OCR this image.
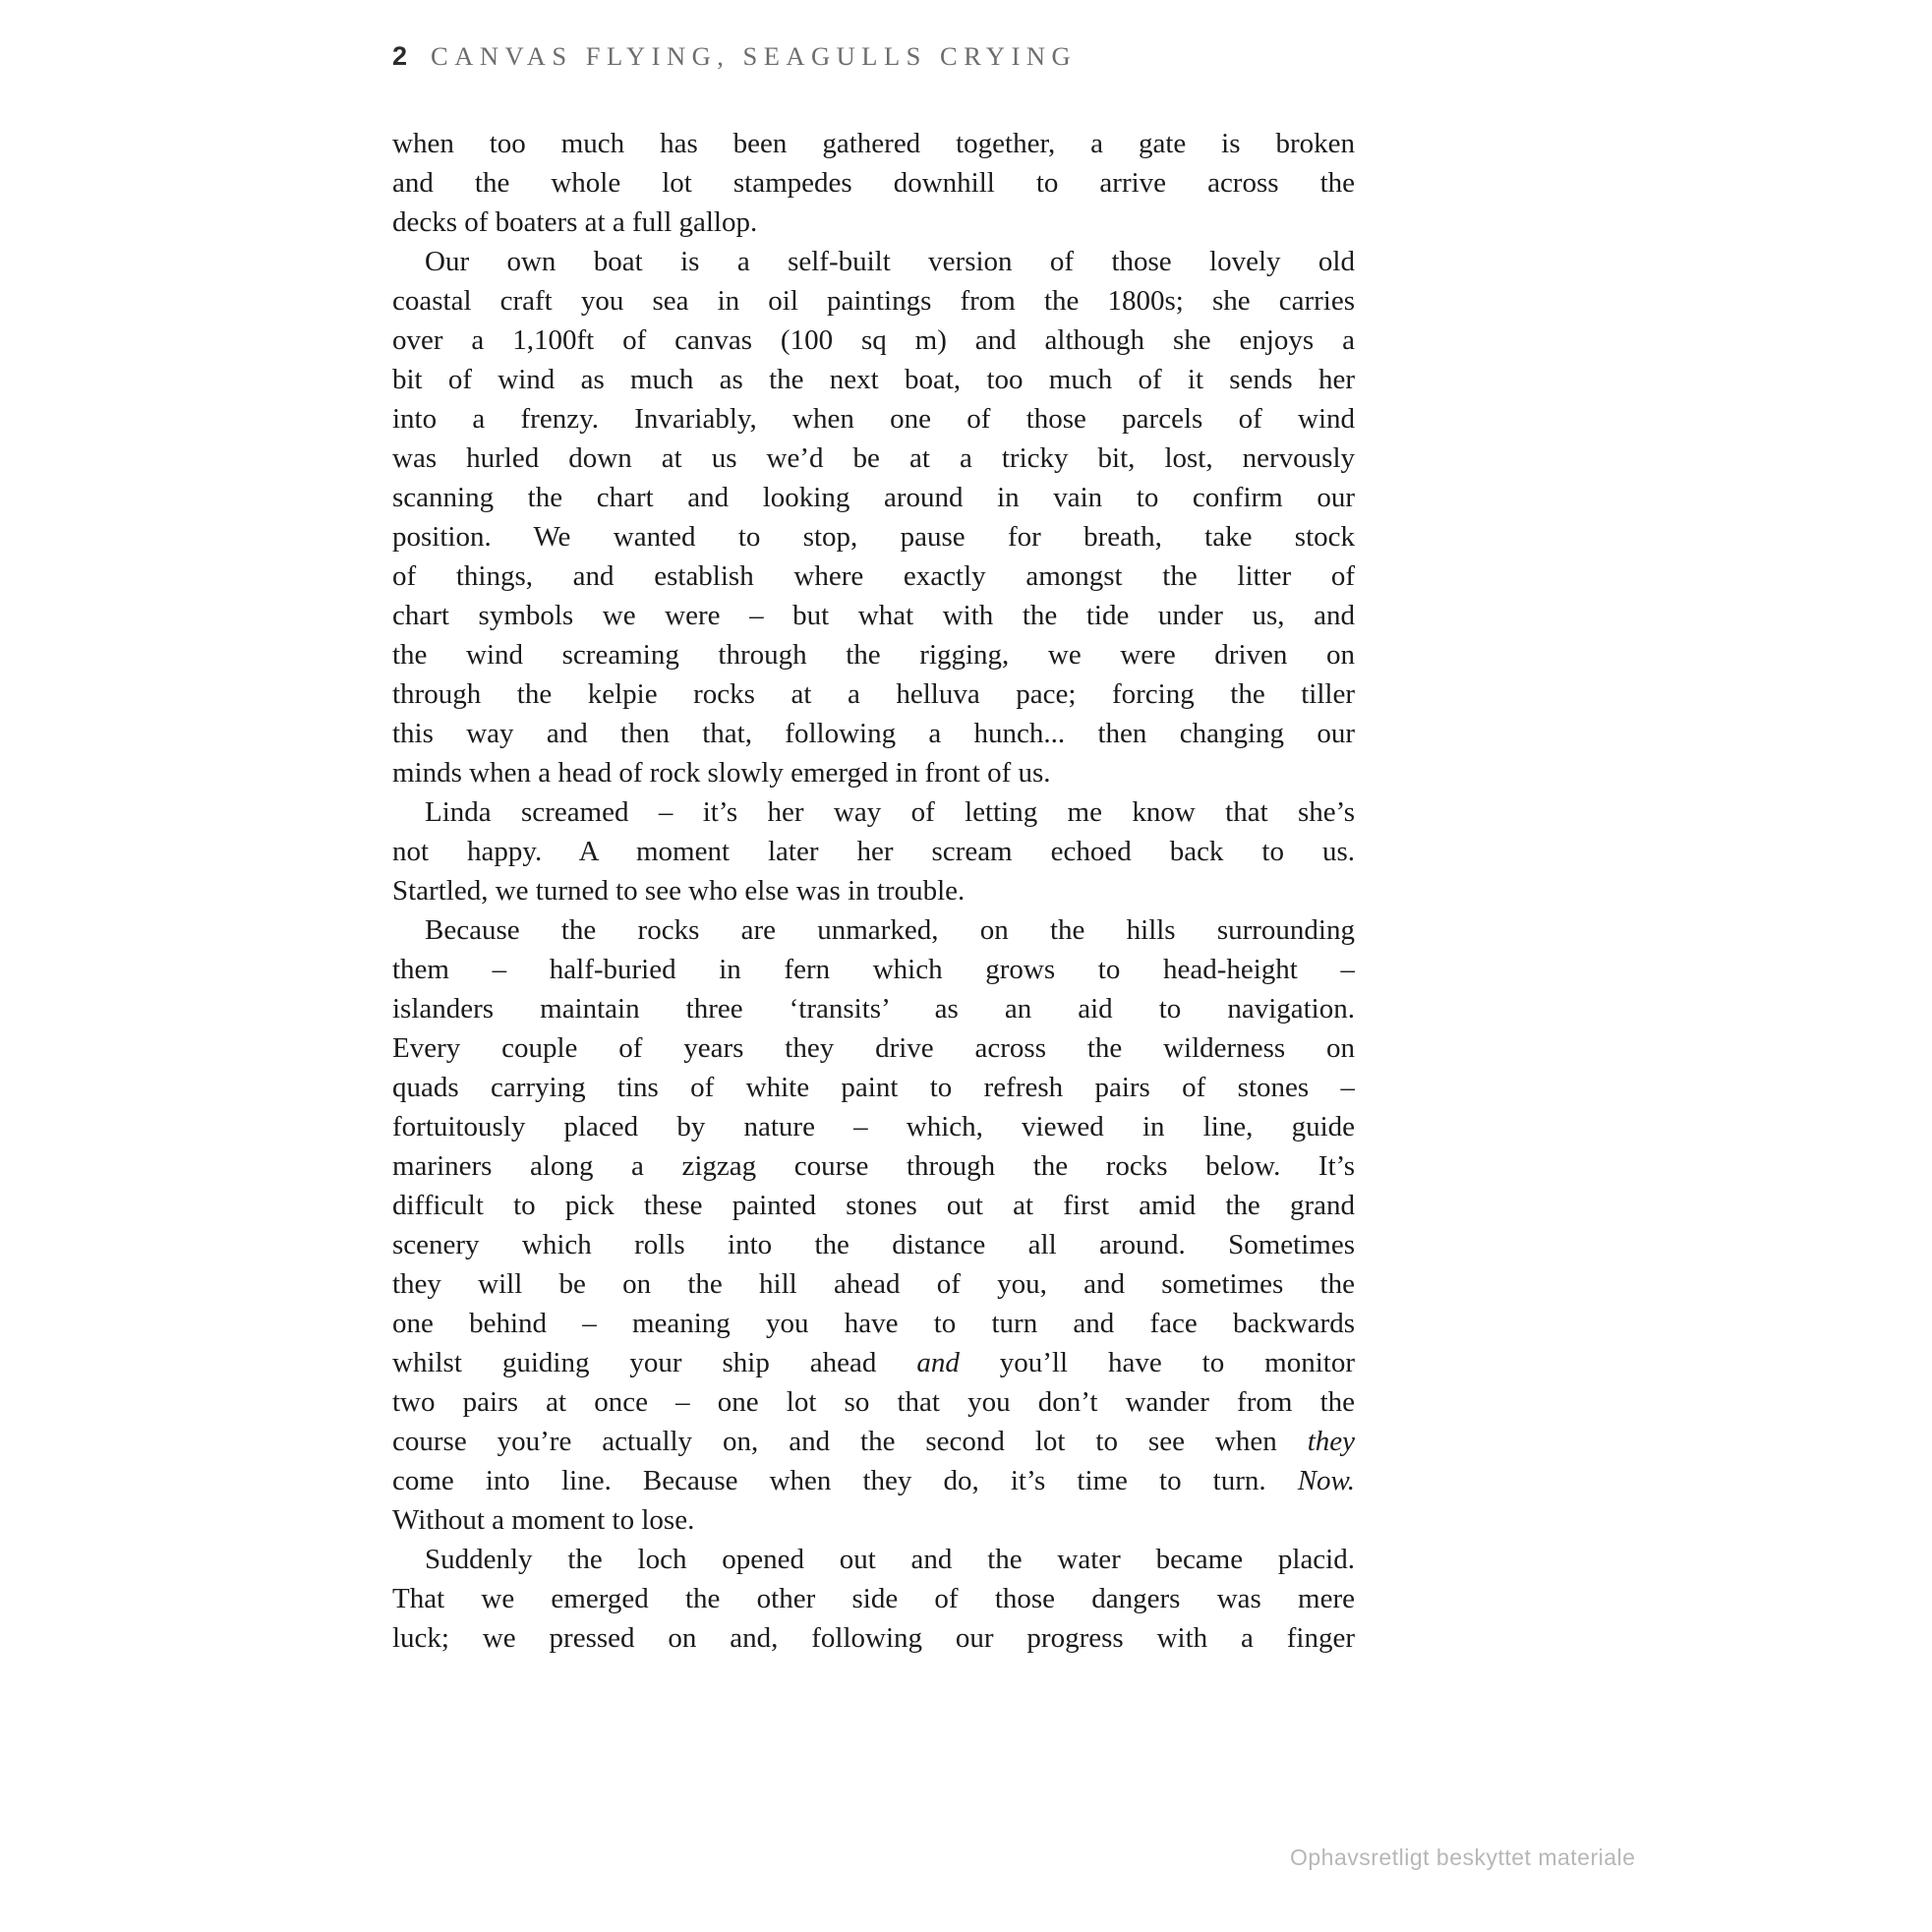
2 CANVAS FLYING, SEAGULLS CRYING
when too much has been gathered together, a gate is broken
and the whole lot stampedes downhill to arrive across the
decks of boaters at a full gallop.
Our own boat is a self-built version of those lovely old
coastal craft you sea in oil paintings from the 1800s; she carries
over a 1,100ft of canvas (100 sq m) and although she enjoys a
bit of wind as much as the next boat, too much of it sends her
into a frenzy. Invariably, when one of those parcels of wind
was hurled down at us we’d be at a tricky bit, lost, nervously
scanning the chart and looking around in vain to confirm our
position. We wanted to stop, pause for breath, take stock
of things, and establish where exactly amongst the litter of
chart symbols we were – but what with the tide under us, and
the wind screaming through the rigging, we were driven on
through the kelpie rocks at a helluva pace; forcing the tiller
this way and then that, following a hunch... then changing our
minds when a head of rock slowly emerged in front of us.
Linda screamed – it’s her way of letting me know that she’s
not happy. A moment later her scream echoed back to us.
Startled, we turned to see who else was in trouble.
Because the rocks are unmarked, on the hills surrounding
them – half-buried in fern which grows to head-height –
islanders maintain three ‘transits’ as an aid to navigation.
Every couple of years they drive across the wilderness on
quads carrying tins of white paint to refresh pairs of stones –
fortuitously placed by nature – which, viewed in line, guide
mariners along a zigzag course through the rocks below. It’s
difficult to pick these painted stones out at first amid the grand
scenery which rolls into the distance all around. Sometimes
they will be on the hill ahead of you, and sometimes the
one behind – meaning you have to turn and face backwards
whilst guiding your ship ahead and you’ll have to monitor
two pairs at once – one lot so that you don’t wander from the
course you’re actually on, and the second lot to see when they
come into line. Because when they do, it’s time to turn. Now.
Without a moment to lose.
Suddenly the loch opened out and the water became placid.
That we emerged the other side of those dangers was mere
luck; we pressed on and, following our progress with a finger
Ophavsretligt beskyttet materiale
